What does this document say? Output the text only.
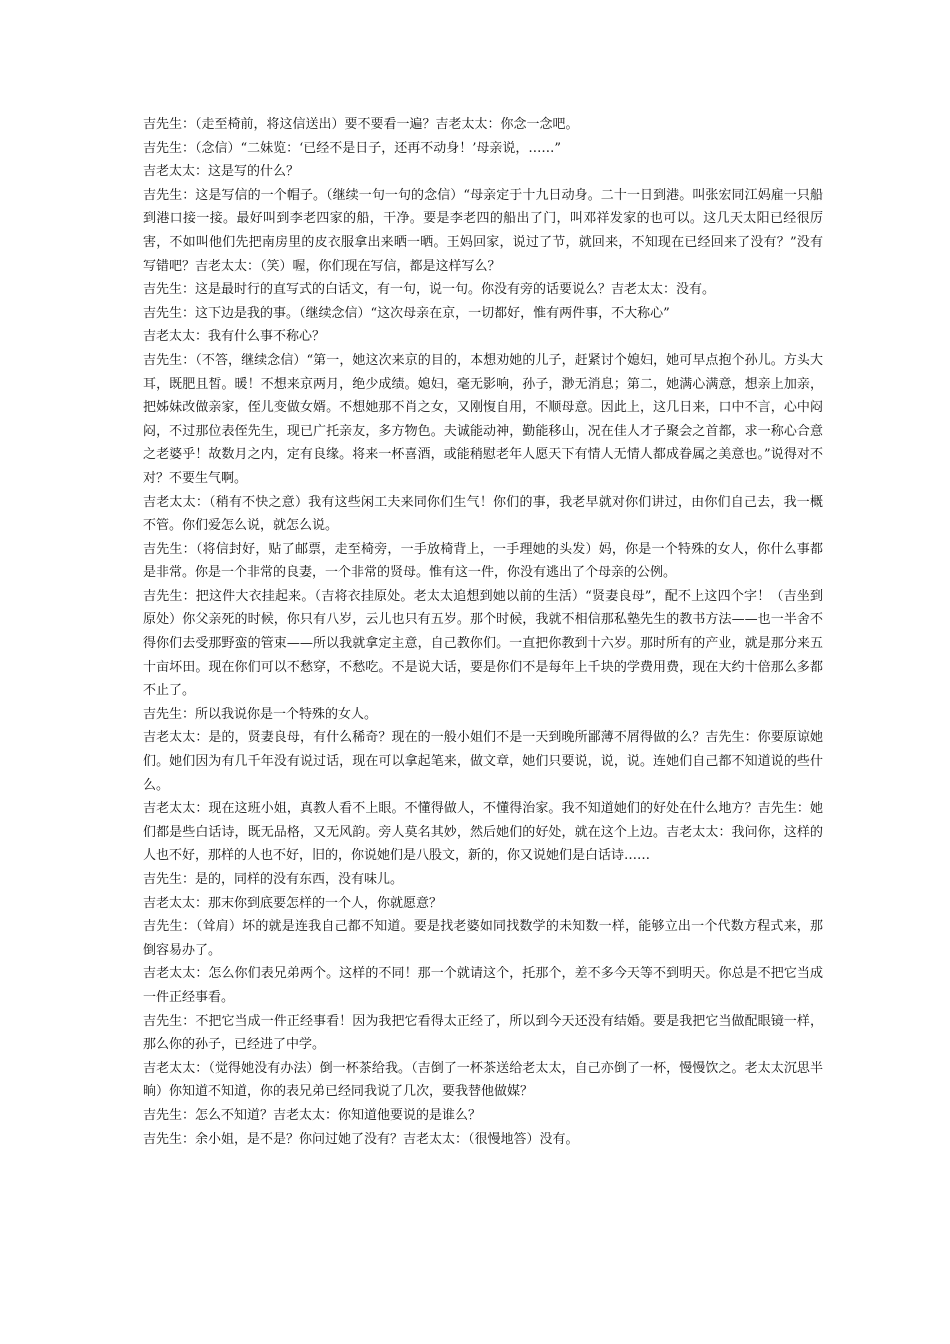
吉先生：（走至椅前，将这信送出）要不要看一遍？吉老太太：你念一念吧。

吉先生：（念信）“二妹览：‘已经不是日子，还再不动身！’母亲说，……”

吉老太太：这是写的什么？

吉先生：这是写信的一个帽子。（继续一句一句的念信）“母亲定于十九日动身。二十一日到港。叫张宏同江妈雇一只船到港口接一接。最好叫到李老四家的船，干净。要是李老四的船出了门，叫邓祥发家的也可以。这几天太阳已经很厉害，不如叫他们先把南房里的皮衣服拿出来晒一晒。王妈回家，说过了节，就回来，不知现在已经回来了没有？”没有写错吧？吉老太太：（笑）喔，你们现在写信，都是这样写么？

吉先生：这是最时行的直写式的白话文，有一句，说一句。你没有旁的话要说么？吉老太太：没有。

吉先生：这下边是我的事。（继续念信）“这次母亲在京，一切都好，惟有两件事，不大称心”

吉老太太：我有什么事不称心？

吉先生：（不答，继续念信）“第一，她这次来京的目的，本想劝她的儿子，赶紧讨个媳妇，她可早点抱个孙儿。方头大耳，既肥且皙。暖！不想来京两月，绝少成绩。媳妇，毫无影响，孙子，渺无消息；第二，她满心满意，想亲上加亲，把姊妹改做亲家，侄儿变做女婿。不想她那不肖之女，又刚愎自用，不顺母意。因此上，这几日来，口中不言，心中闷闷，不过那位表侄先生，现已广托亲友，多方物色。夫诚能动神，勤能移山，况在佳人才子聚会之首都，求一称心合意之老婆乎！故数月之内，定有良缘。将来一杯喜酒，或能稍慰老年人愿天下有情人无情人都成眷属之美意也。”说得对不对？不要生气啊。

吉老太太：（稍有不快之意）我有这些闲工夫来同你们生气！你们的事，我老早就对你们讲过，由你们自己去，我一概不管。你们爱怎么说，就怎么说。

吉先生：（将信封好，贴了邮票，走至椅旁，一手放椅背上，一手理她的头发）妈，你是一个特殊的女人，你什么事都是非常。你是一个非常的良妻，一个非常的贤母。惟有这一件，你没有逃出了个母亲的公例。

吉先生：把这件大衣挂起来。（吉将衣挂原处。老太太追想到她以前的生活）“贤妻良母”，配不上这四个字！（吉坐到原处）你父亲死的时候，你只有八岁，云儿也只有五岁。那个时候，我就不相信那私塾先生的教书方法——也一半舍不得你们去受那野蛮的管束——所以我就拿定主意，自己教你们。一直把你教到十六岁。那时所有的产业，就是那分来五十亩坏田。现在你们可以不愁穿，不愁吃。不是说大话，要是你们不是每年上千块的学费用费，现在大约十倍那么多都不止了。

吉先生：所以我说你是一个特殊的女人。

吉老太太：是的，贤妻良母，有什么稀奇？现在的一般小姐们不是一天到晚所鄙薄不屑得做的么？吉先生：你要原谅她们。她们因为有几千年没有说过话，现在可以拿起笔来，做文章，她们只要说，说，说。连她们自己都不知道说的些什么。

吉老太太：现在这班小姐，真教人看不上眼。不懂得做人，不懂得治家。我不知道她们的好处在什么地方？吉先生：她们都是些白话诗，既无品格，又无风韵。旁人莫名其妙，然后她们的好处，就在这个上边。吉老太太：我问你，这样的人也不好，那样的人也不好，旧的，你说她们是八股文，新的，你又说她们是白话诗……

吉先生：是的，同样的没有东西，没有味儿。

吉老太太：那末你到底要怎样的一个人，你就愿意？

吉先生：（耸肩）坏的就是连我自己都不知道。要是找老婆如同找数学的未知数一样，能够立出一个代数方程式来，那倒容易办了。

吉老太太：怎么你们表兄弟两个。这样的不同！那一个就请这个，托那个，差不多今天等不到明天。你总是不把它当成一件正经事看。

吉先生：不把它当成一件正经事看！因为我把它看得太正经了，所以到今天还没有结婚。要是我把它当做配眼镜一样，那么你的孙子，已经进了中学。

吉老太太：（觉得她没有办法）倒一杯茶给我。（吉倒了一杯茶送给老太太，自己亦倒了一杯，慢慢饮之。老太太沉思半晌）你知道不知道，你的表兄弟已经同我说了几次，要我替他做媒？

吉先生：怎么不知道？吉老太太：你知道他要说的是谁么？

吉先生：余小姐，是不是？你问过她了没有？吉老太太：（很慢地答）没有。
